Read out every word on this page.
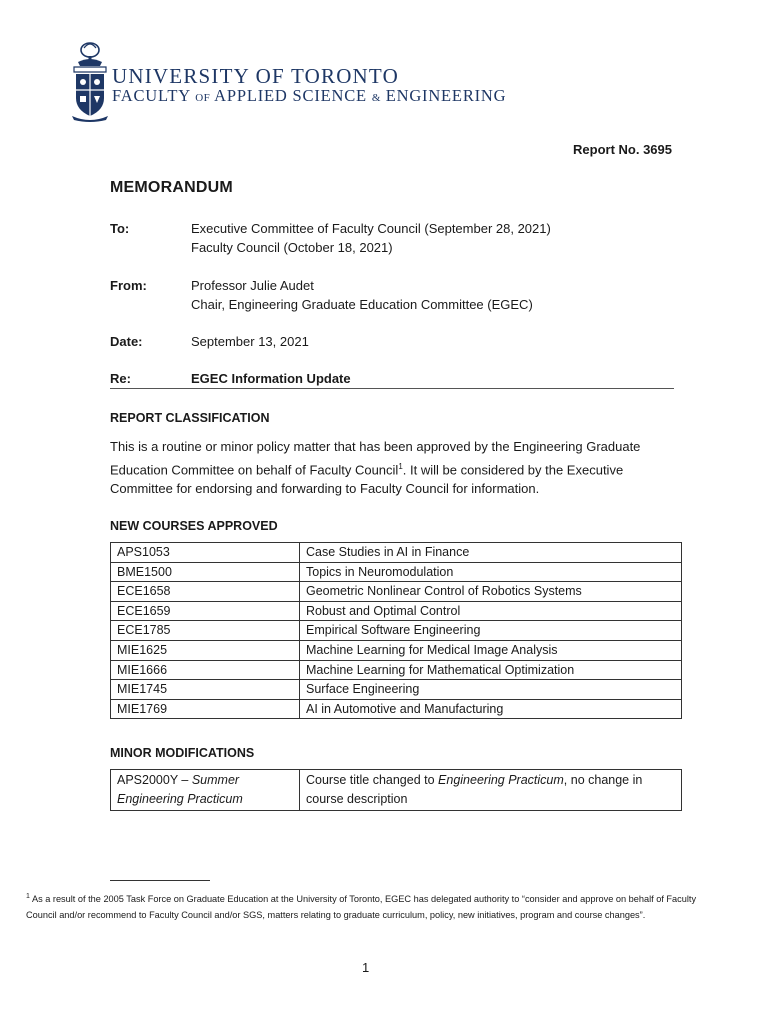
UNIVERSITY OF TORONTO
FACULTY OF APPLIED SCIENCE & ENGINEERING
Report No. 3695
MEMORANDUM
To:	Executive Committee of Faculty Council (September 28, 2021)
Faculty Council (October 18, 2021)
From:	Professor Julie Audet
Chair, Engineering Graduate Education Committee (EGEC)
Date:	September 13, 2021
Re:	EGEC Information Update
REPORT CLASSIFICATION
This is a routine or minor policy matter that has been approved by the Engineering Graduate Education Committee on behalf of Faculty Council$^1$. It will be considered by the Executive Committee for endorsing and forwarding to Faculty Council for information.
NEW COURSES APPROVED
APS1053	Case Studies in AI in Finance
BME1500	Topics in Neuromodulation
ECE1658	Geometric Nonlinear Control of Robotics Systems
ECE1659	Robust and Optimal Control
ECE1785	Empirical Software Engineering
MIE1625	Machine Learning for Medical Image Analysis
MIE1666	Machine Learning for Mathematical Optimization
MIE1745	Surface Engineering
MIE1769	AI in Automotive and Manufacturing
MINOR MODIFICATIONS
APS2000Y – Summer Engineering Practicum	Course title changed to Engineering Practicum, no change in course description
$^1$ As a result of the 2005 Task Force on Graduate Education at the University of Toronto, EGEC has delegated authority to “consider and approve on behalf of Faculty Council and/or recommend to Faculty Council and/or SGS, matters relating to graduate curriculum, policy, new initiatives, program and course changes”.
1
